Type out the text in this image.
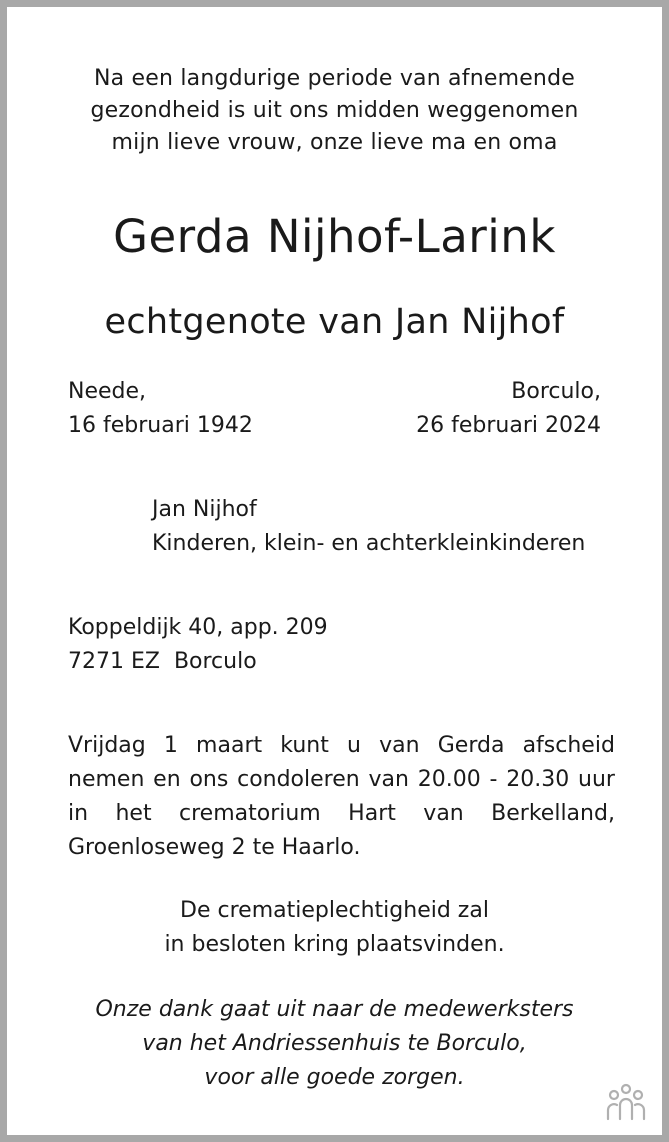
Na een langdurige periode van afnemende
gezondheid is uit ons midden weggenomen
mijn lieve vrouw, onze lieve ma en oma
Gerda Nijhof-Larink
echtgenote van Jan Nijhof
Neede,
16 februari 1942
Borculo,
26 februari 2024
Jan Nijhof
Kinderen, klein- en achterkleinkinderen
Koppeldijk 40, app. 209
7271 EZ  Borculo
Vrijdag 1 maart kunt u van Gerda afscheid
nemen en ons condoleren van 20.00 - 20.30 uur
in het crematorium Hart van Berkelland,
Groenloseweg 2 te Haarlo.
De crematieplechtigheid zal
in besloten kring plaatsvinden.
Onze dank gaat uit naar de medewerksters
van het Andriessenhuis te Borculo,
voor alle goede zorgen.
